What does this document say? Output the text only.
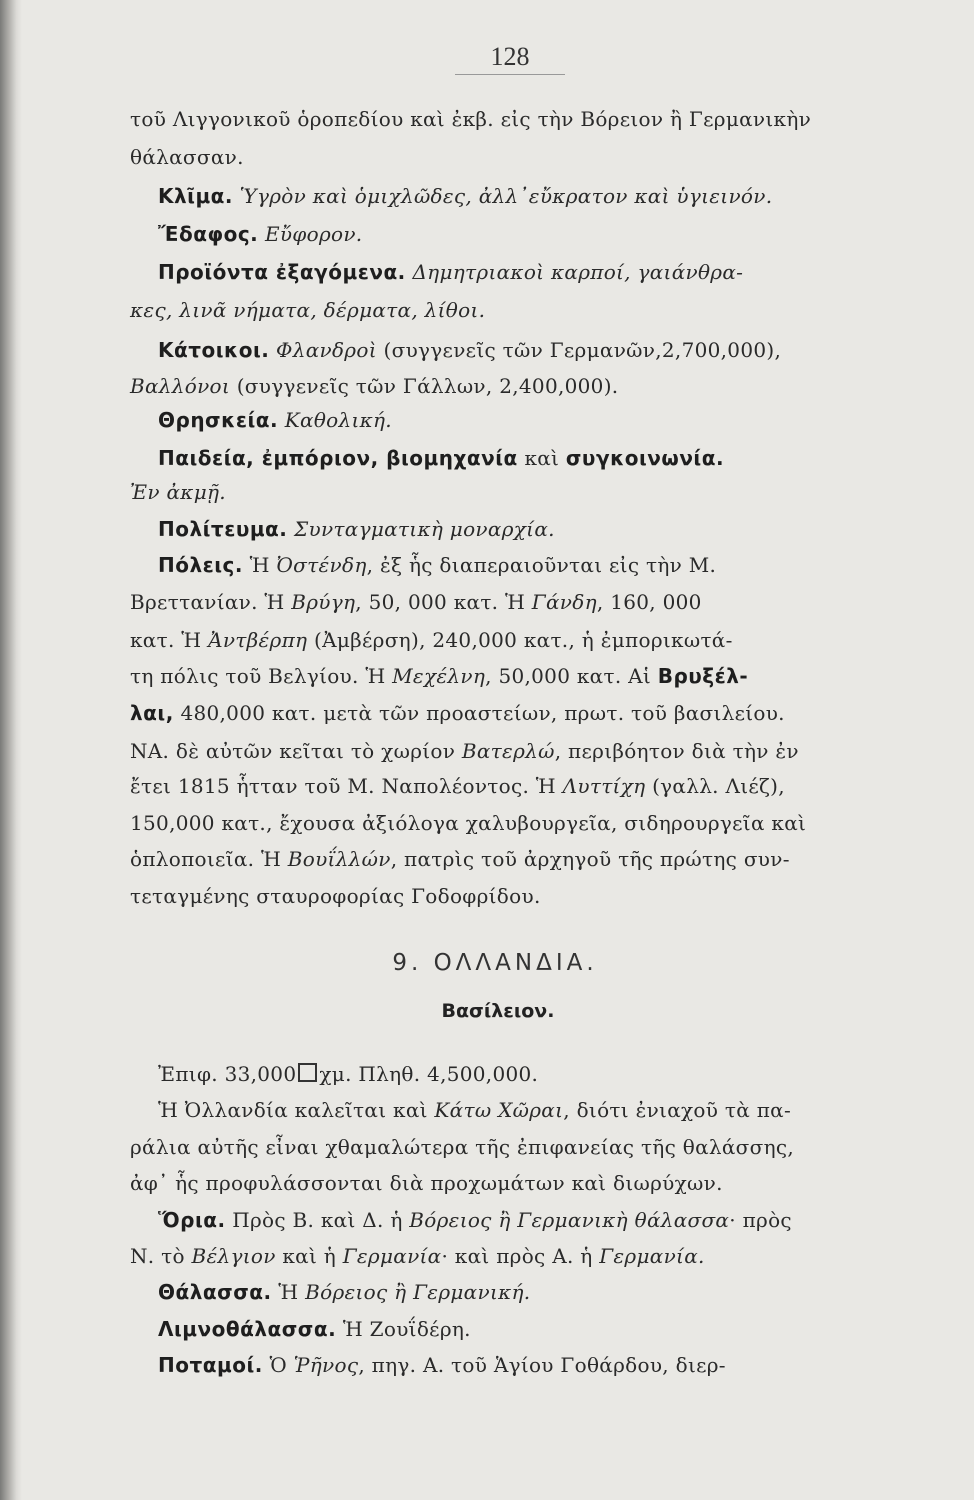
128
τοῦ Λιγγονικοῦ ὁροπεδίου καὶ ἐκβ. εἰς τὴν Βόρειον ἢ Γερμανικὴν
θάλασσαν.
Κλῖμα. Ὑγρὸν καὶ ὁμιχλῶδες, ἀλλ᾽εὔκρατον καὶ ὑγιεινόν.
Ἔδαφος. Εὔφορον.
Προϊόντα ἐξαγόμενα. Δημητριακοὶ καρποί, γαιάνθρα-
κες, λινᾶ νήματα, δέρματα, λίθοι.
Κάτοικοι. Φλανδροὶ (συγγενεῖς τῶν Γερμανῶν,2,700,000),
Βαλλόνοι (συγγενεῖς τῶν Γάλλων, 2,400,000).
Θρησκεία. Καθολική.
Παιδεία, ἐμπόριον, βιομηχανία καὶ συγκοινωνία.
Ἐν ἀκμῇ.
Πολίτευμα. Συνταγματικὴ μοναρχία.
Πόλεις. Ἡ Ὀστένδη, ἐξ ἧς διαπεραιοῦνται εἰς τὴν Μ.
Βρεττανίαν. Ἡ Βρύγη, 50, 000 κατ. Ἡ Γάνδη, 160, 000
κατ. Ἡ Ἀντβέρπη (Ἀμβέρση), 240,000 κατ., ἡ ἐμπορικωτά-
τη πόλις τοῦ Βελγίου. Ἡ Μεχέλνη, 50,000 κατ. Αἱ Βρυξέλ-
λαι, 480,000 κατ. μετὰ τῶν προαστείων, πρωτ. τοῦ βασιλείου.
ΝΑ. δὲ αὐτῶν κεῖται τὸ χωρίον Βατερλώ, περιβόητον διὰ τὴν ἐν
ἔτει 1815 ἧτταν τοῦ Μ. Ναπολέοντος. Ἡ Λυττίχη (γαλλ. Λιέζ),
150,000 κατ., ἔχουσα ἀξιόλογα χαλυβουργεῖα, σιδηρουργεῖα καὶ
ὁπλοποιεῖα. Ἡ Βουΐλλών, πατρὶς τοῦ ἀρχηγοῦ τῆς πρώτης συν-
τεταγμένης σταυροφορίας Γοδοφρίδου.
9. ΟΛΛΑΝΔΙΑ.
Βασίλειον.
Ἐπιφ. 33,000 χμ. Πληθ. 4,500,000.
Ἡ Ὀλλανδία καλεῖται καὶ Κάτω Χῶραι, διότι ἐνιαχοῦ τὰ πα-
ράλια αὐτῆς εἶναι χθαμαλώτερα τῆς ἐπιφανείας τῆς θαλάσσης,
ἀφ᾽ ἧς προφυλάσσονται διὰ προχωμάτων καὶ διωρύχων.
Ὅρια. Πρὸς Β. καὶ Δ. ἡ Βόρειος ἢ Γερμανικὴ θάλασσα· πρὸς
Ν. τὸ Βέλγιον καὶ ἡ Γερμανία· καὶ πρὸς Α. ἡ Γερμανία.
Θάλασσα. Ἡ Βόρειος ἢ Γερμανική.
Λιμνοθάλασσα. Ἡ Ζουΐδέρη.
Ποταμοί. Ὁ Ῥῆνος, πηγ. Α. τοῦ Ἁγίου Γοθάρδου, διερ-
